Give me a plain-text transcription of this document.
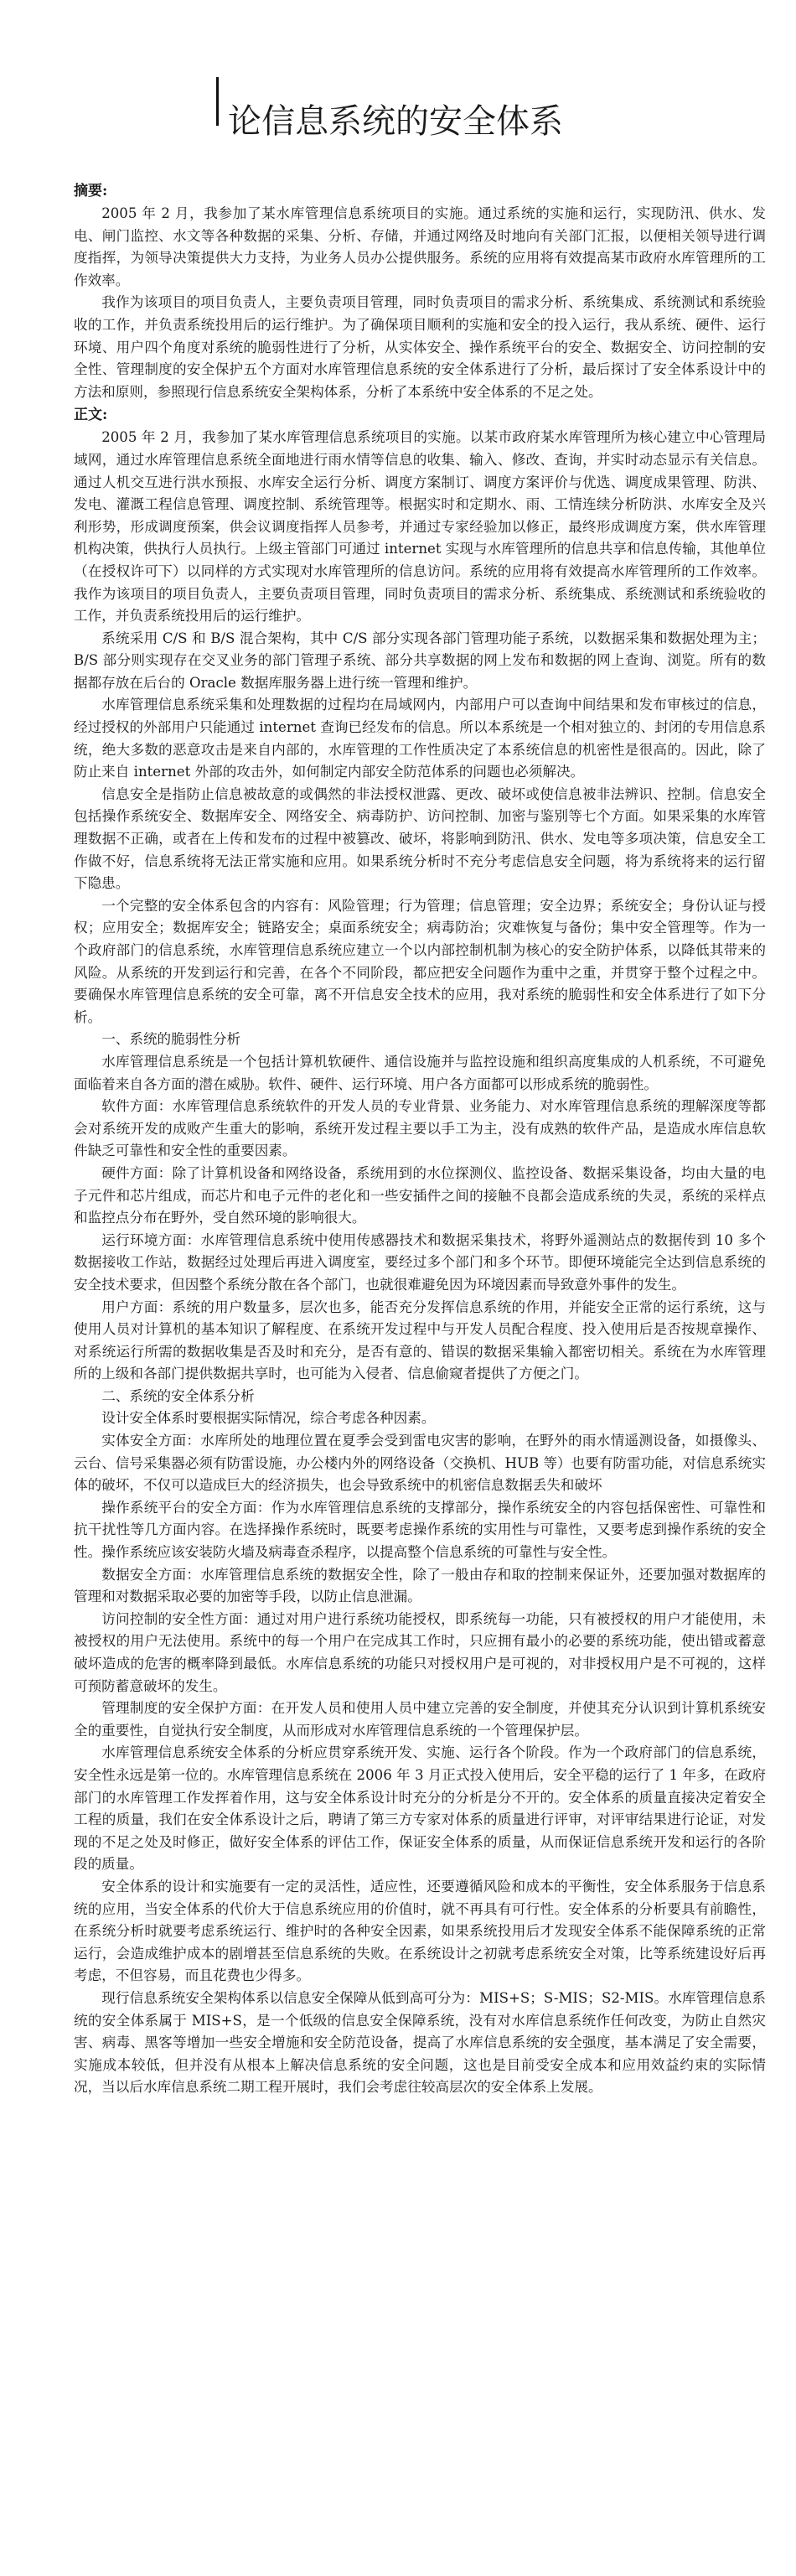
论信息系统的安全体系
摘要:

2005 年 2 月，我参加了某水库管理信息系统项目的实施。通过系统的实施和运行，实现防汛、供水、发电、闸门监控、水文等各种数据的采集、分析、存储，并通过网络及时地向有关部门汇报，以便相关领导进行调度指挥，为领导决策提供大力支持，为业务人员办公提供服务。系统的应用将有效提高某市政府水库管理所的工作效率。

我作为该项目的项目负责人，主要负责项目管理，同时负责项目的需求分析、系统集成、系统测试和系统验收的工作，并负责系统投用后的运行维护。为了确保项目顺利的实施和安全的投入运行，我从系统、硬件、运行环境、用户四个角度对系统的脆弱性进行了分析，从实体安全、操作系统平台的安全、数据安全、访问控制的安全性、管理制度的安全保护五个方面对水库管理信息系统的安全体系进行了分析，最后探讨了安全体系设计中的方法和原则，参照现行信息系统安全架构体系，分析了本系统中安全体系的不足之处。

正文:

2005 年 2 月，我参加了某水库管理信息系统项目的实施。以某市政府某水库管理所为核心建立中心管理局域网，通过水库管理信息系统全面地进行雨水情等信息的收集、输入、修改、查询，并实时动态显示有关信息。通过人机交互进行洪水预报、水库安全运行分析、调度方案制订、调度方案评价与优选、调度成果管理、防洪、发电、灌溉工程信息管理、调度控制、系统管理等。根据实时和定期水、雨、工情连续分析防洪、水库安全及兴利形势，形成调度预案，供会议调度指挥人员参考，并通过专家经验加以修正，最终形成调度方案，供水库管理机构决策，供执行人员执行。上级主管部门可通过 internet 实现与水库管理所的信息共享和信息传输，其他单位（在授权许可下）以同样的方式实现对水库管理所的信息访问。系统的应用将有效提高水库管理所的工作效率。我作为该项目的项目负责人，主要负责项目管理，同时负责项目的需求分析、系统集成、系统测试和系统验收的工作，并负责系统投用后的运行维护。

系统采用 C/S 和 B/S 混合架构，其中 C/S 部分实现各部门管理功能子系统，以数据采集和数据处理为主；B/S 部分则实现存在交叉业务的部门管理子系统、部分共享数据的网上发布和数据的网上查询、浏览。所有的数据都存放在后台的 Oracle 数据库服务器上进行统一管理和维护。

水库管理信息系统采集和处理数据的过程均在局域网内，内部用户可以查询中间结果和发布审核过的信息，经过授权的外部用户只能通过 internet 查询已经发布的信息。所以本系统是一个相对独立的、封闭的专用信息系统，绝大多数的恶意攻击是来自内部的，水库管理的工作性质决定了本系统信息的机密性是很高的。因此，除了防止来自 internet 外部的攻击外，如何制定内部安全防范体系的问题也必须解决。

信息安全是指防止信息被故意的或偶然的非法授权泄露、更改、破坏或使信息被非法辨识、控制。信息安全包括操作系统安全、数据库安全、网络安全、病毒防护、访问控制、加密与鉴别等七个方面。如果采集的水库管理数据不正确，或者在上传和发布的过程中被篡改、破坏，将影响到防汛、供水、发电等多项决策，信息安全工作做不好，信息系统将无法正常实施和应用。如果系统分析时不充分考虑信息安全问题，将为系统将来的运行留下隐患。

一个完整的安全体系包含的内容有：风险管理；行为管理；信息管理；安全边界；系统安全；身份认证与授权；应用安全；数据库安全；链路安全；桌面系统安全；病毒防治；灾难恢复与备份；集中安全管理等。作为一个政府部门的信息系统，水库管理信息系统应建立一个以内部控制机制为核心的安全防护体系，以降低其带来的风险。从系统的开发到运行和完善，在各个不同阶段，都应把安全问题作为重中之重，并贯穿于整个过程之中。要确保水库管理信息系统的安全可靠，离不开信息安全技术的应用，我对系统的脆弱性和安全体系进行了如下分析。

一、系统的脆弱性分析

水库管理信息系统是一个包括计算机软硬件、通信设施并与监控设施和组织高度集成的人机系统，不可避免面临着来自各方面的潜在威胁。软件、硬件、运行环境、用户各方面都可以形成系统的脆弱性。

软件方面：水库管理信息系统软件的开发人员的专业背景、业务能力、对水库管理信息系统的理解深度等都会对系统开发的成败产生重大的影响，系统开发过程主要以手工为主，没有成熟的软件产品，是造成水库信息软件缺乏可靠性和安全性的重要因素。

硬件方面：除了计算机设备和网络设备，系统用到的水位探测仪、监控设备、数据采集设备，均由大量的电子元件和芯片组成，而芯片和电子元件的老化和一些安插件之间的接触不良都会造成系统的失灵，系统的采样点和监控点分布在野外，受自然环境的影响很大。

运行环境方面：水库管理信息系统中使用传感器技术和数据采集技术，将野外遥测站点的数据传到 10 多个数据接收工作站，数据经过处理后再进入调度室，要经过多个部门和多个环节。即便环境能完全达到信息系统的安全技术要求，但因整个系统分散在各个部门，也就很难避免因为环境因素而导致意外事件的发生。

用户方面：系统的用户数量多，层次也多，能否充分发挥信息系统的作用，并能安全正常的运行系统，这与使用人员对计算机的基本知识了解程度、在系统开发过程中与开发人员配合程度、投入使用后是否按规章操作、对系统运行所需的数据收集是否及时和充分，是否有意的、错误的数据采集输入都密切相关。系统在为水库管理所的上级和各部门提供数据共享时，也可能为入侵者、信息偷窥者提供了方便之门。

二、系统的安全体系分析

设计安全体系时要根据实际情况，综合考虑各种因素。

实体安全方面：水库所处的地理位置在夏季会受到雷电灾害的影响，在野外的雨水情遥测设备，如摄像头、云台、信号采集器必须有防雷设施，办公楼内外的网络设备（交换机、HUB 等）也要有防雷功能，对信息系统实体的破坏，不仅可以造成巨大的经济损失，也会导致系统中的机密信息数据丢失和破坏

操作系统平台的安全方面：作为水库管理信息系统的支撑部分，操作系统安全的内容包括保密性、可靠性和抗干扰性等几方面内容。在选择操作系统时，既要考虑操作系统的实用性与可靠性，又要考虑到操作系统的安全性。操作系统应该安装防火墙及病毒查杀程序，以提高整个信息系统的可靠性与安全性。

数据安全方面：水库管理信息系统的数据安全性，除了一般由存和取的控制来保证外，还要加强对数据库的管理和对数据采取必要的加密等手段，以防止信息泄漏。

访问控制的安全性方面：通过对用户进行系统功能授权，即系统每一功能，只有被授权的用户才能使用，未被授权的用户无法使用。系统中的每一个用户在完成其工作时，只应拥有最小的必要的系统功能，使出错或蓄意破坏造成的危害的概率降到最低。水库信息系统的功能只对授权用户是可视的，对非授权用户是不可视的，这样可预防蓄意破坏的发生。

管理制度的安全保护方面：在开发人员和使用人员中建立完善的安全制度，并使其充分认识到计算机系统安全的重要性，自觉执行安全制度，从而形成对水库管理信息系统的一个管理保护层。

水库管理信息系统安全体系的分析应贯穿系统开发、实施、运行各个阶段。作为一个政府部门的信息系统，安全性永远是第一位的。水库管理信息系统在 2006 年 3 月正式投入使用后，安全平稳的运行了 1 年多，在政府部门的水库管理工作发挥着作用，这与安全体系设计时充分的分析是分不开的。安全体系的质量直接决定着安全工程的质量，我们在安全体系设计之后，聘请了第三方专家对体系的质量进行评审，对评审结果进行论证，对发现的不足之处及时修正，做好安全体系的评估工作，保证安全体系的质量，从而保证信息系统开发和运行的各阶段的质量。

安全体系的设计和实施要有一定的灵活性，适应性，还要遵循风险和成本的平衡性，安全体系服务于信息系统的应用，当安全体系的代价大于信息系统应用的价值时，就不再具有可行性。安全体系的分析要具有前瞻性，在系统分析时就要考虑系统运行、维护时的各种安全因素，如果系统投用后才发现安全体系不能保障系统的正常运行，会造成维护成本的剧增甚至信息系统的失败。在系统设计之初就考虑系统安全对策，比等系统建设好后再考虑，不但容易，而且花费也少得多。

现行信息系统安全架构体系以信息安全保障从低到高可分为：MIS+S；S-MIS；S2-MIS。水库管理信息系统的安全体系属于 MIS+S，是一个低级的信息安全保障系统，没有对水库信息系统作任何改变，为防止自然灾害、病毒、黑客等增加一些安全增施和安全防范设备，提高了水库信息系统的安全强度，基本满足了安全需要，实施成本较低，但并没有从根本上解决信息系统的安全问题，这也是目前受安全成本和应用效益约束的实际情况，当以后水库信息系统二期工程开展时，我们会考虑往较高层次的安全体系上发展。
